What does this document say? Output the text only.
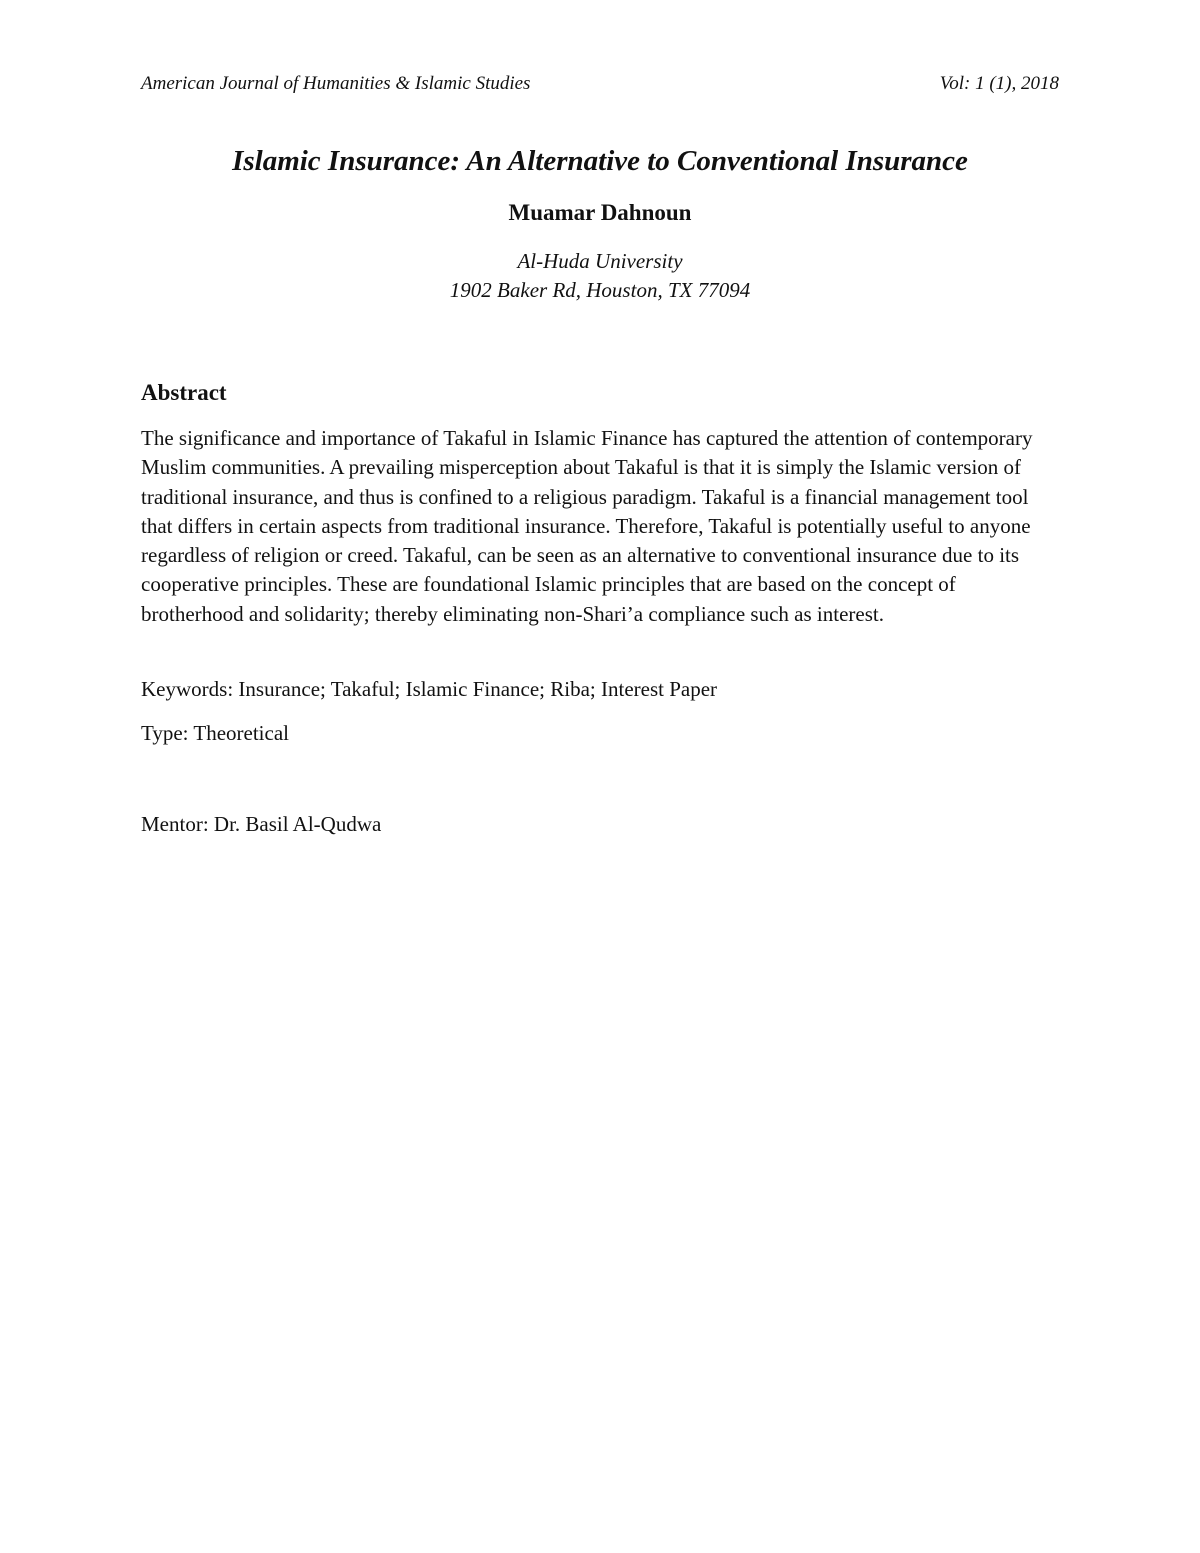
American Journal of Humanities & Islamic Studies	Vol: 1 (1), 2018
Islamic Insurance: An Alternative to Conventional Insurance
Muamar Dahnoun
Al-Huda University
1902 Baker Rd, Houston, TX 77094
Abstract

The significance and importance of Takaful in Islamic Finance has captured the attention of contemporary Muslim communities. A prevailing misperception about Takaful is that it is simply the Islamic version of traditional insurance, and thus is confined to a religious paradigm. Takaful is a financial management tool that differs in certain aspects from traditional insurance. Therefore, Takaful is potentially useful to anyone regardless of religion or creed. Takaful, can be seen as an alternative to conventional insurance due to its cooperative principles. These are foundational Islamic principles that are based on the concept of brotherhood and solidarity; thereby eliminating non-Shari’a compliance such as interest.

Keywords: Insurance; Takaful; Islamic Finance; Riba; Interest Paper

Type: Theoretical

Mentor: Dr. Basil Al-Qudwa
